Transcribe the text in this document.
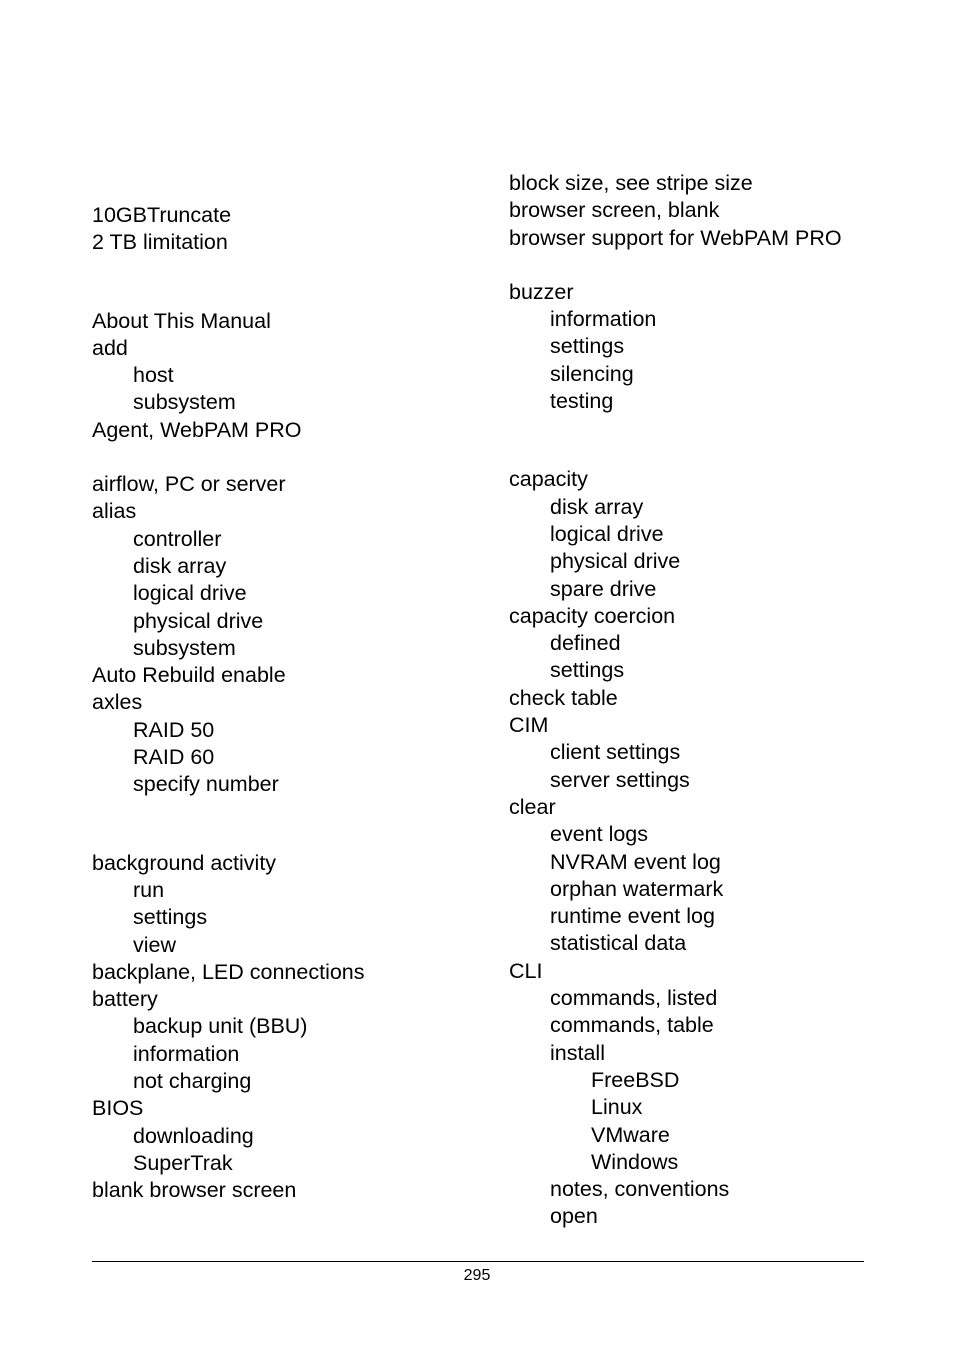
10GBTruncate
2 TB limitation
About This Manual
add
host
subsystem
Agent, WebPAM PRO
airflow, PC or server
alias
controller
disk array
logical drive
physical drive
subsystem
Auto Rebuild enable
axles
RAID 50
RAID 60
specify number
background activity
run
settings
view
backplane, LED connections
battery
backup unit (BBU)
information
not charging
BIOS
downloading
SuperTrak
blank browser screen
block size, see stripe size
browser screen, blank
browser support for WebPAM PRO
buzzer
information
settings
silencing
testing
capacity
disk array
logical drive
physical drive
spare drive
capacity coercion
defined
settings
check table
CIM
client settings
server settings
clear
event logs
NVRAM event log
orphan watermark
runtime event log
statistical data
CLI
commands, listed
commands, table
install
FreeBSD
Linux
VMware
Windows
notes, conventions
open
295
